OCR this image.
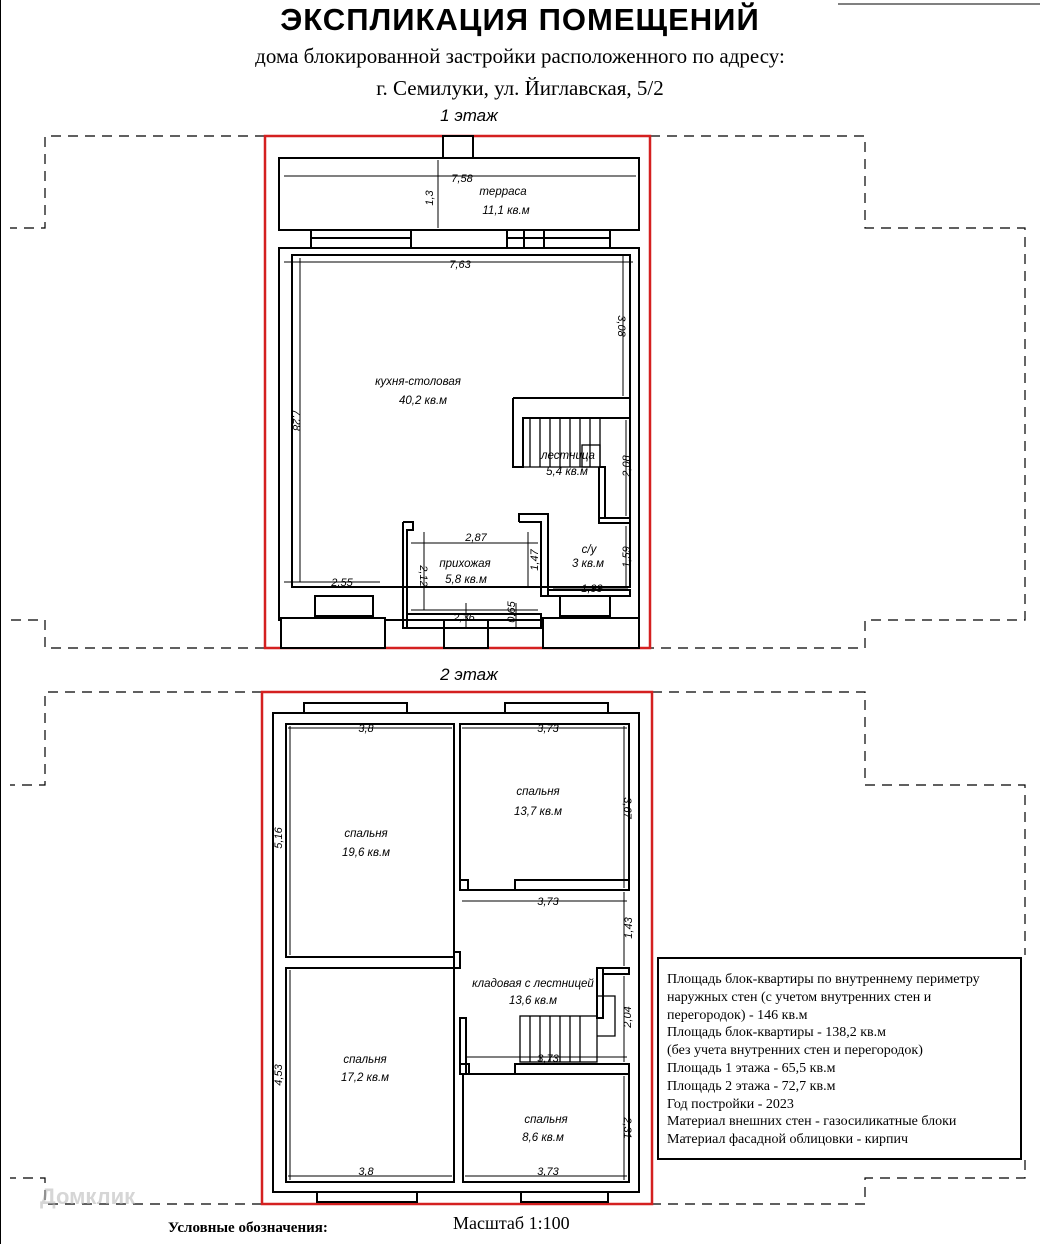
ЭКСПЛИКАЦИЯ ПОМЕЩЕНИЙ
дома блокированной застройки расположенного по адресу:
г. Семилуки, ул. Йиглавская, 5/2
терраса
11,1 кв.м
кухня-столовая
40,2 кв.м
лестница
5,4 кв.м
прихожая
5,8 кв.м
с/у
3 кв.м
7,58
1,3
7,63
7,28
3,08
2,08
2,87
1,47
2,12
1,59
1,99
2,55
2,36	0,65
1 этаж
2 этаж
спальня
19,6 кв.м
спальня
13,7 кв.м
кладовая с лестницей
13,6 кв.м
спальня
17,2 кв.м
спальня
8,6 кв.м
3,8
5,16
3,73
3,67
3,73
1,43
2,04
3,73
4,53
3,8
2,31
3,73
Площадь блок-квартиры по внутреннему периметру
наружных стен (с учетом внутренних стен и
перегородок) - 146 кв.м
Площадь блок-квартиры - 138,2 кв.м
(без учета внутренних стен и перегородок)
Площадь 1 этажа - 65,5 кв.м
Площадь 2 этажа - 72,7 кв.м
Год постройки - 2023
Материал внешних стен - газосиликатные блоки
Материал фасадной облицовки - кирпич
Домклик
Масштаб 1:100
Условные обозначения:
